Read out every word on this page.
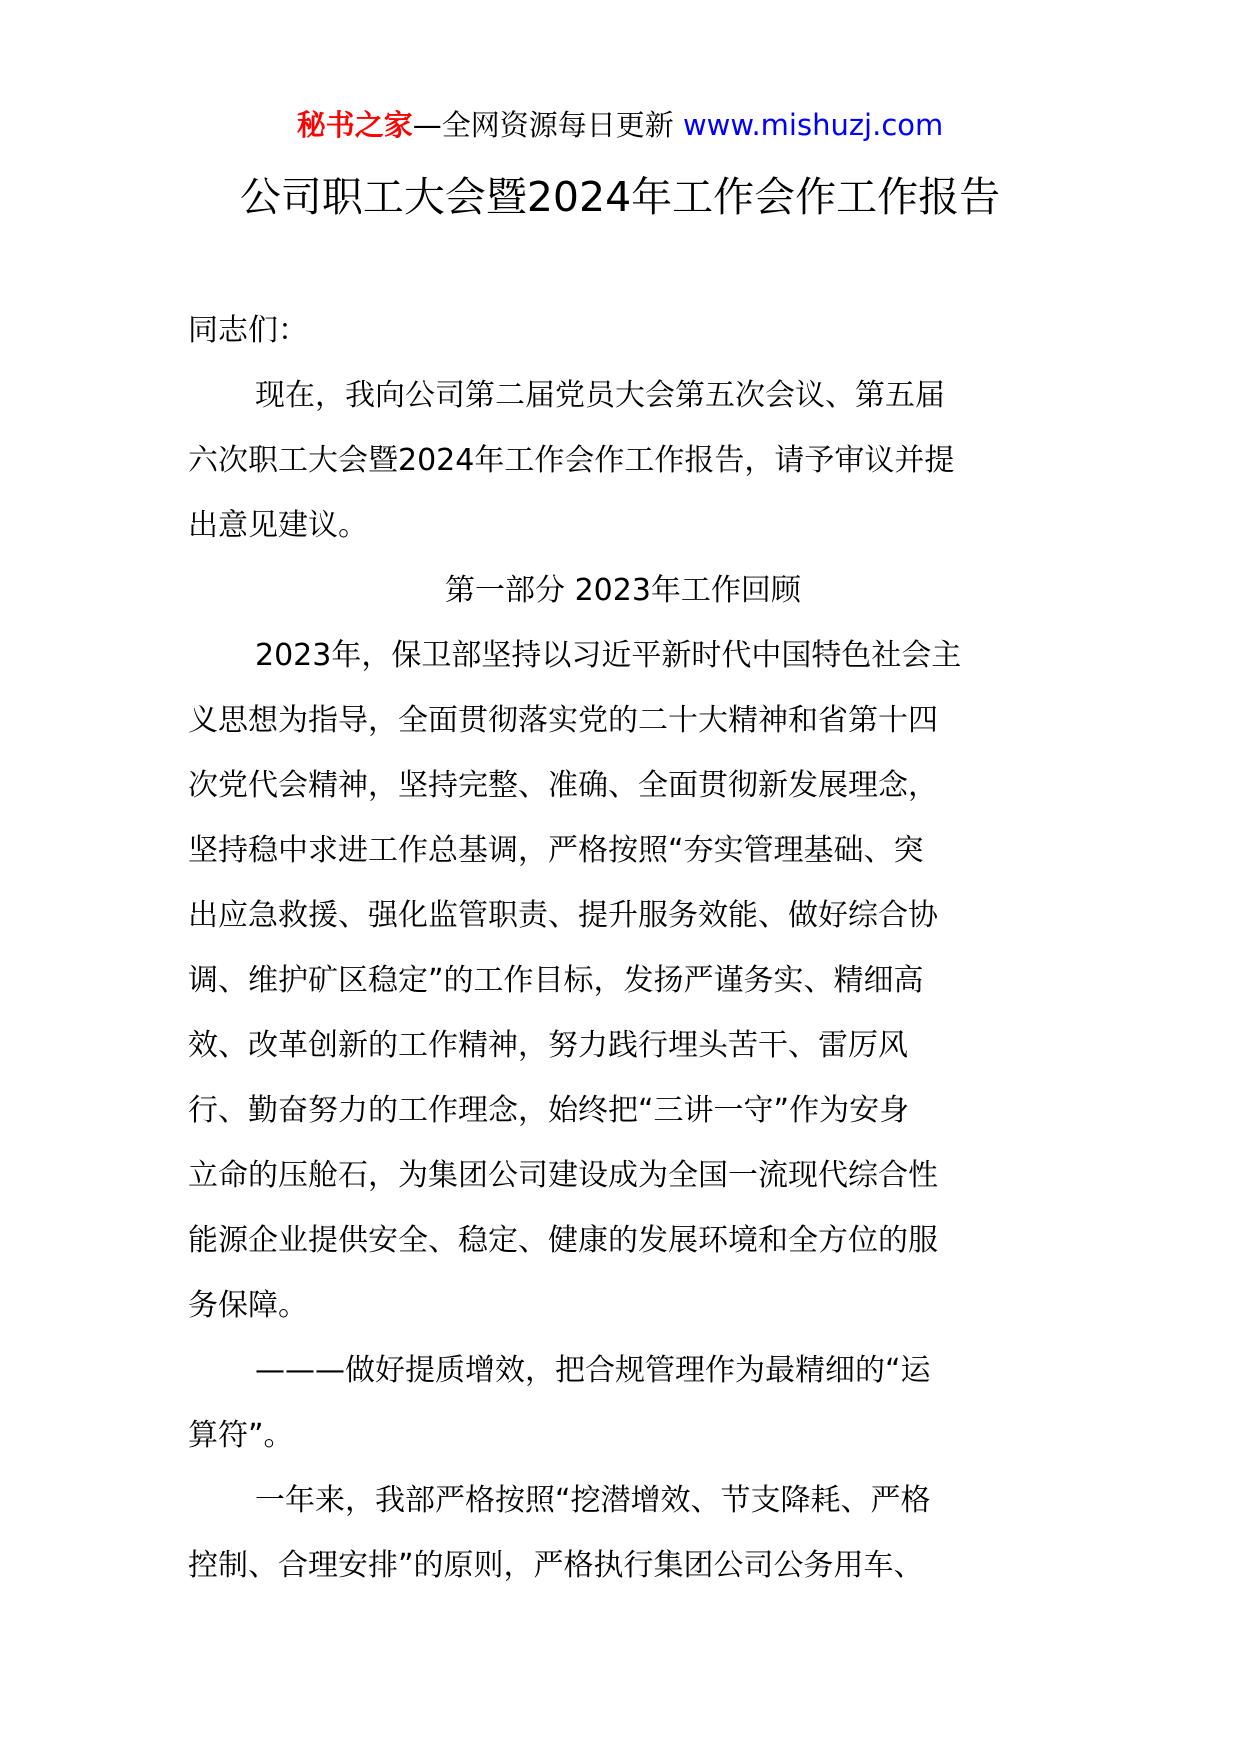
秘书之家—全网资源每日更新 www.mishuzj.com
公司职工大会暨2024年工作会作工作报告
同志们：
现在，我向公司第二届党员大会第五次会议、第五届
六次职工大会暨2024年工作会作工作报告，请予审议并提
出意见建议。
第一部分 2023年工作回顾
2023年，保卫部坚持以习近平新时代中国特色社会主
义思想为指导，全面贯彻落实党的二十大精神和省第十四
次党代会精神，坚持完整、准确、全面贯彻新发展理念，
坚持稳中求进工作总基调，严格按照“夯实管理基础、突
出应急救援、强化监管职责、提升服务效能、做好综合协
调、维护矿区稳定”的工作目标，发扬严谨务实、精细高
效、改革创新的工作精神，努力践行埋头苦干、雷厉风
行、勤奋努力的工作理念，始终把“三讲一守”作为安身
立命的压舱石，为集团公司建设成为全国一流现代综合性
能源企业提供安全、稳定、健康的发展环境和全方位的服
务保障。
———做好提质增效，把合规管理作为最精细的“运
算符”。
一年来，我部严格按照“挖潜增效、节支降耗、严格
控制、合理安排”的原则，严格执行集团公司公务用车、
